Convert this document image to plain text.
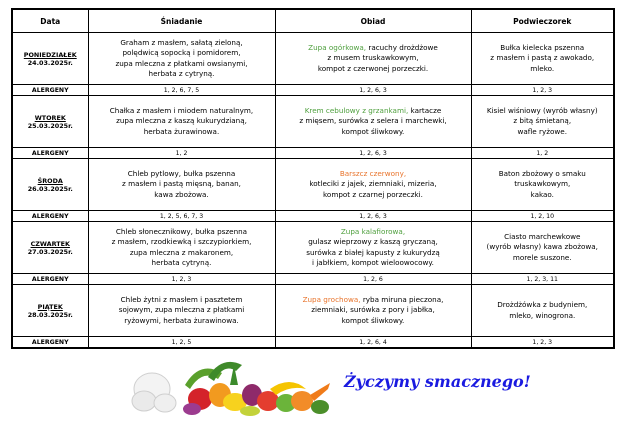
Data	Śniadanie	Obiad	Podwieczorek

PONIEDZIAŁEK
24.03.2025r.	Graham z masłem, sałatą zieloną,
polędwicą sopocką i pomidorem,
zupa mleczna z płatkami owsianymi,
herbata z cytryną.	Zupa ogórkowa, racuchy drożdżowe
z musem truskawkowym,
kompot z czerwonej porzeczki.	Bułka kielecka pszenna
z masłem i pastą z awokado,
mleko.
ALERGENY	1, 2, 6, 7, 5	1, 2, 6, 3	1, 2, 3

WTOREK
25.03.2025r.	Chałka z masłem i miodem naturalnym,
zupa mleczna z kaszą kukurydzianą,
herbata żurawinowa.	Krem cebulowy z grzankami, kartacze
z mięsem, surówka z selera i marchewki,
kompot śliwkowy.	Kisiel wiśniowy (wyrób własny)
z bitą śmietaną,
wafle ryżowe.
ALERGENY	1, 2	1, 2, 6, 3	1, 2

ŚRODA
26.03.2025r.	Chleb pytlowy, bułka pszenna
z masłem i pastą mięsną, banan,
kawa zbożowa.	Barszcz czerwony,
kotleciki z jajek, ziemniaki, mizeria,
kompot z czarnej porzeczki.	Baton zbożowy o smaku
truskawkowym,
kakao.
ALERGENY	1, 2, 5, 6, 7, 3	1, 2, 6, 3	1, 2, 10

CZWARTEK
27.03.2025r.	Chleb słonecznikowy, bułka pszenna
z masłem, rzodkiewką i szczypiorkiem,
zupa mleczna z makaronem,
herbata cytryną.	Zupa kalafiorowa,
gulasz wieprzowy z kaszą gryczaną,
surówka z białej kapusty z kukurydzą
i jabłkiem, kompot wieloowocowy.	Ciasto marchewkowe
(wyrób własny) kawa zbożowa,
morele suszone.
ALERGENY	1, 2, 3	1, 2, 6	1, 2, 3, 11

PIĄTEK
28.03.2025r.	Chleb żytni z masłem i pasztetem
sojowym, zupa mleczna z płatkami
ryżowymi, herbata żurawinowa.	Zupa grochowa, ryba miruna pieczona,
ziemniaki, surówka z pory i jabłka,
kompot śliwkowy.	Drożdżówka z budyniem,
mleko, winogrona.
ALERGENY	1, 2, 5	1, 2, 6, 4	1, 2, 3
Życzymy smacznego!
